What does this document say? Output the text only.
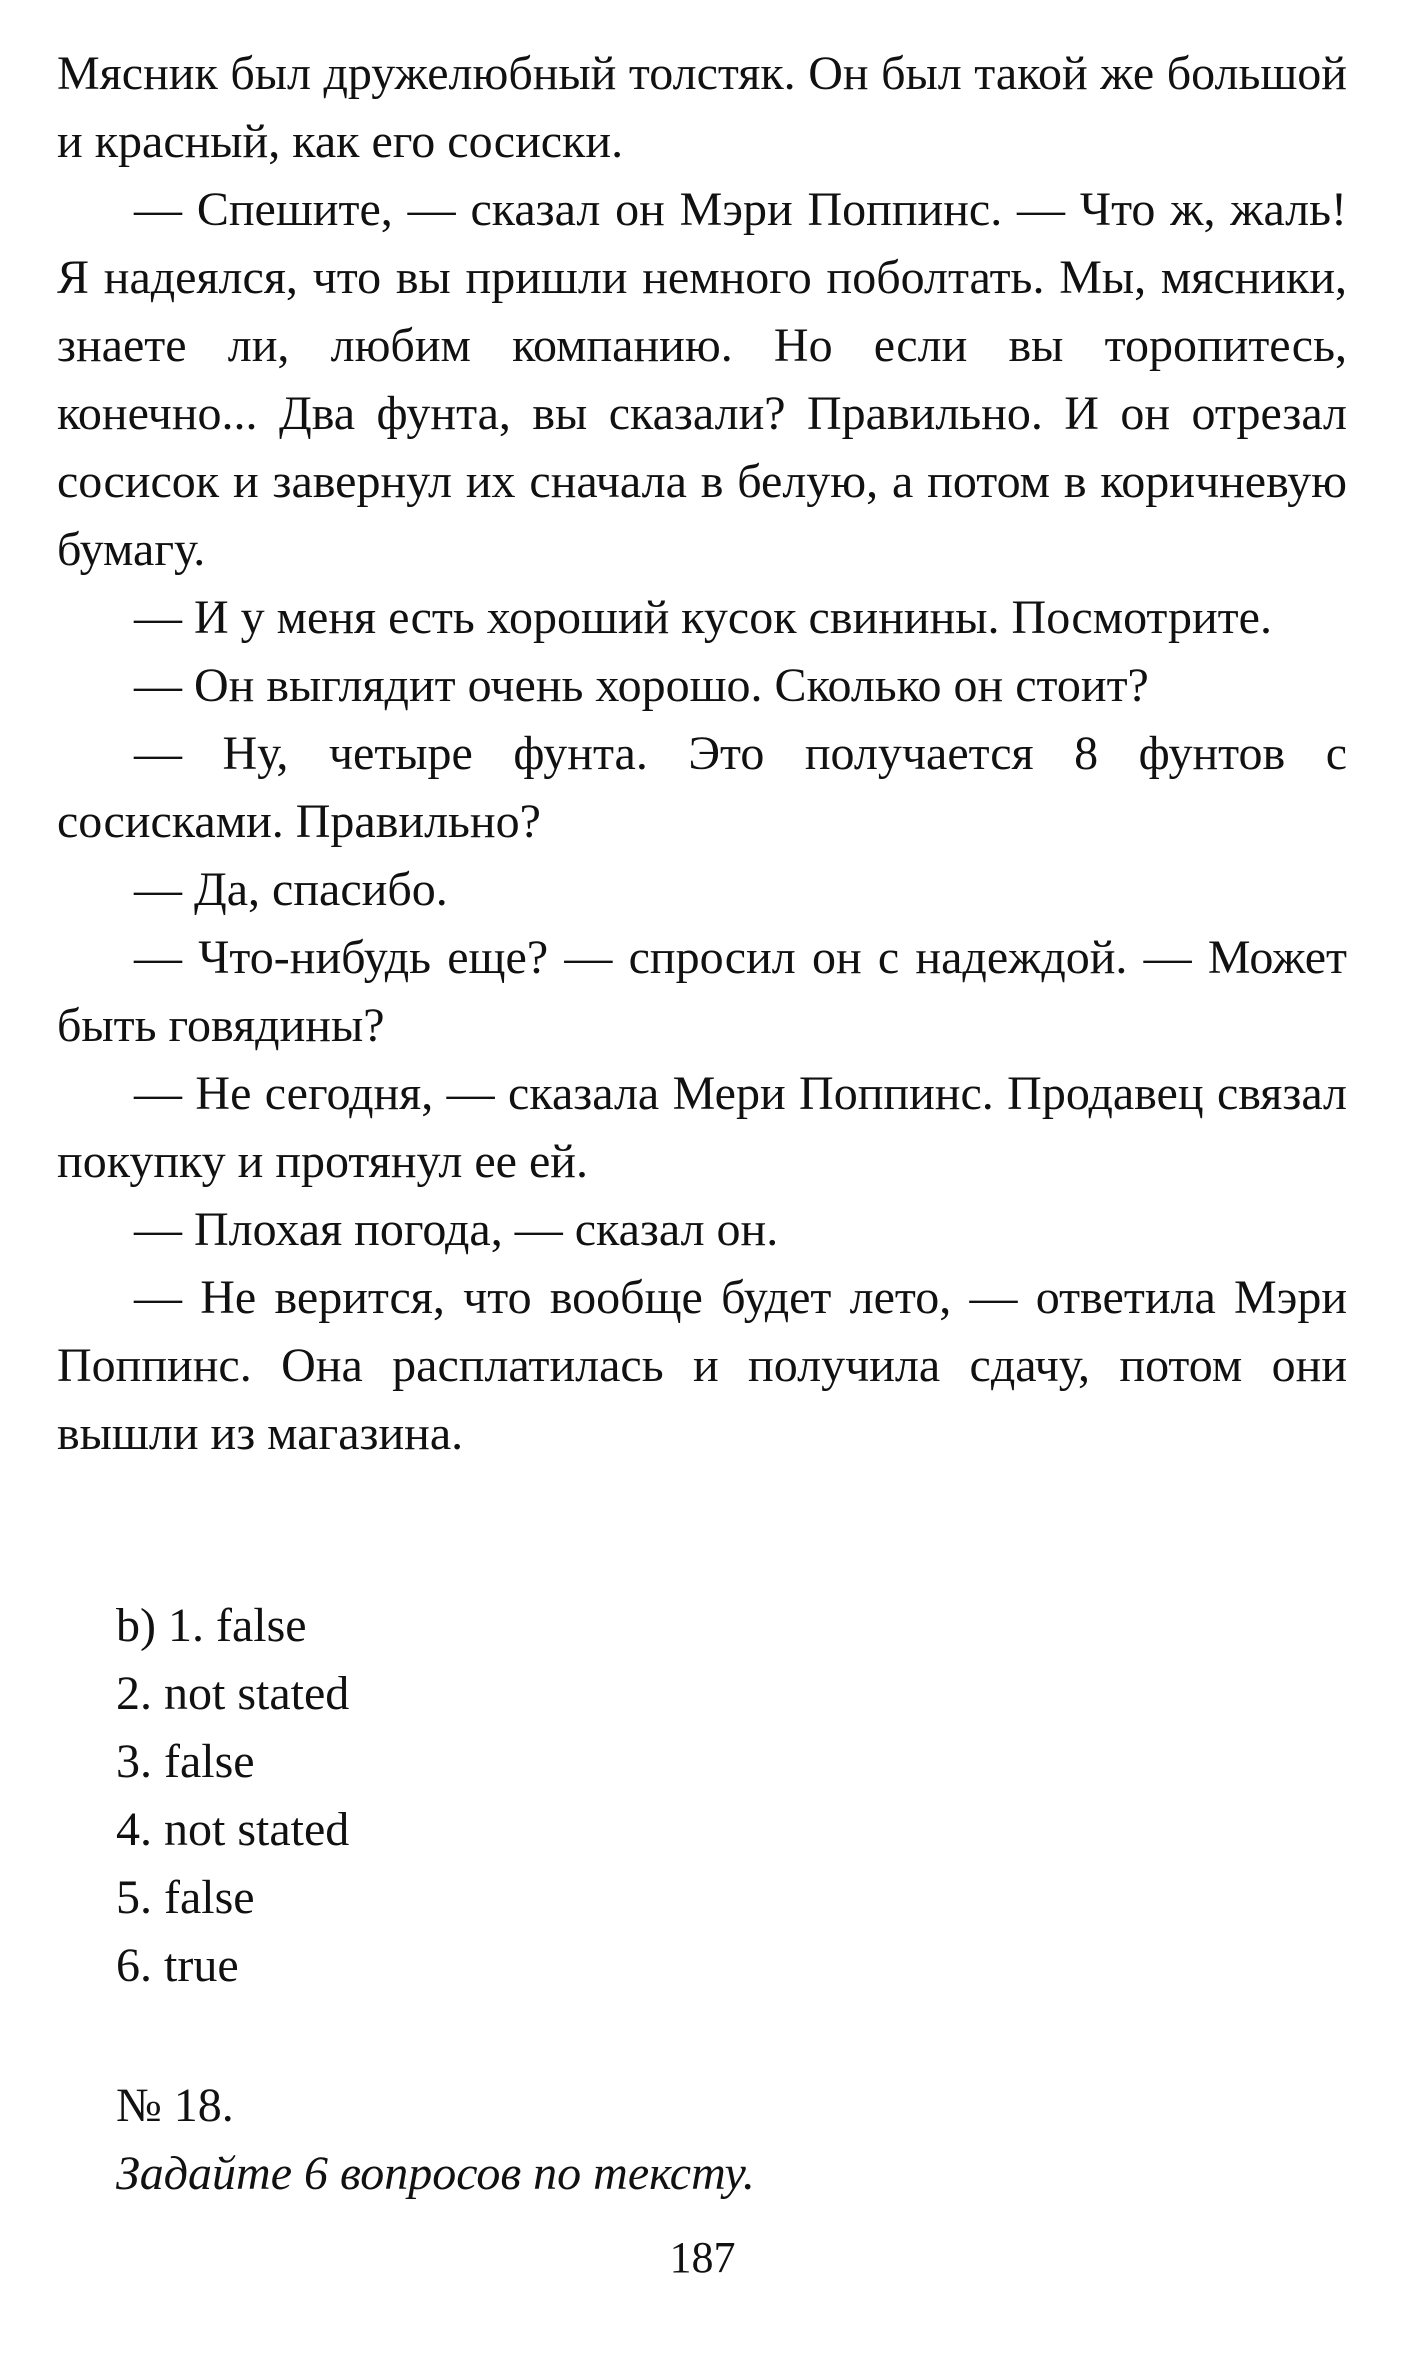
Мясник был дружелюбный толстяк. Он был такой же большой и красный, как его сосиски.

— Спешите, — сказал он Мэри Поппинс. — Что ж, жаль! Я надеялся, что вы пришли немного поболтать. Мы, мясники, знаете ли, любим компанию. Но если вы торопитесь, конечно... Два фунта, вы сказали? Правильно. И он отрезал сосисок и завернул их сначала в белую, а потом в коричневую бумагу.

— И у меня есть хороший кусок свинины. Посмотрите.

— Он выглядит очень хорошо. Сколько он стоит?

— Ну, четыре фунта. Это получается 8 фунтов с сосисками. Правильно?

— Да, спасибо.

— Что-нибудь еще? — спросил он с надеждой. — Может быть говядины?

— Не сегодня, — сказала Мери Поппинс. Продавец связал покупку и протянул ее ей.

— Плохая погода, — сказал он.

— Не верится, что вообще будет лето, — ответила Мэри Поппинс. Она расплатилась и получила сдачу, потом они вышли из магазина.

b) 1. false
2. not stated
3. false
4. not stated
5. false
6. true
№ 18.
Задайте 6 вопросов по тексту.
187
